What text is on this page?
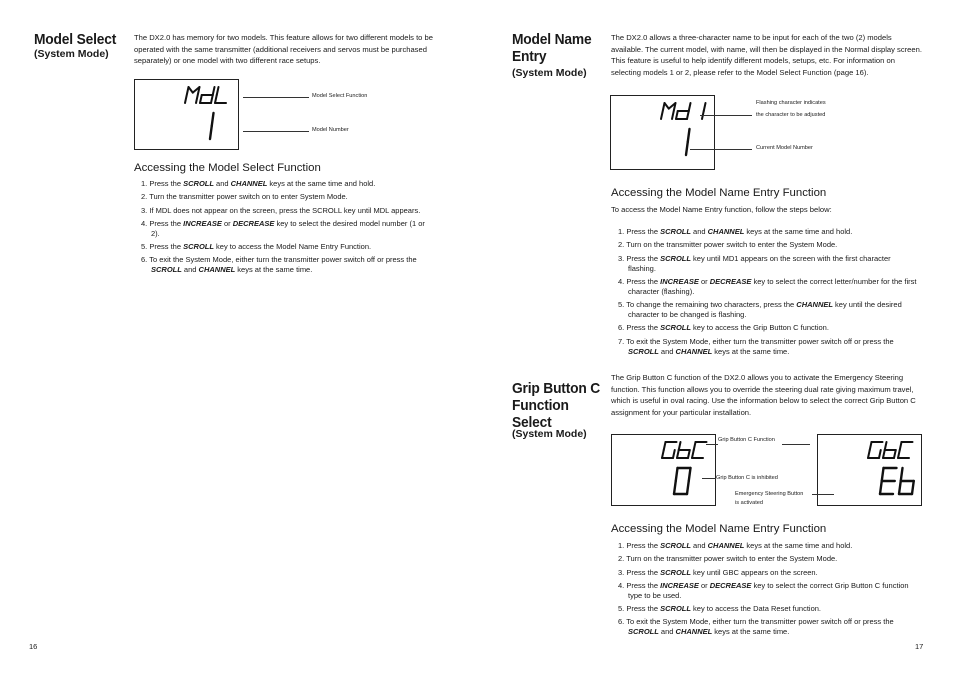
Model Select
(System Mode)
The DX2.0 has memory for two models. This feature allows for two different models to be operated with the same transmitter (additional receivers and servos must be purchased separately) or one model with two different race setups.
Model Select Function
Model Number
Accessing the Model Select Function
1. Press the SCROLL and CHANNEL keys at the same time and hold.
2. Turn the transmitter power switch on to enter System Mode.
3. If MDL does not appear on the screen, press the SCROLL key until MDL appears.
4. Press the INCREASE or DECREASE key to select the desired model number (1 or 2).
5. Press the SCROLL key to access the Model Name Entry Function.
6. To exit the System Mode, either turn the transmitter power switch off or press the SCROLL and CHANNEL keys at the same time.
16
Model Name
Entry
(System Mode)
The DX2.0 allows a three-character name to be input for each of the two (2) models available. The current model, with name, will then be displayed in the Normal display screen. This feature is useful to help identify different models, setups, etc. For information on selecting models 1 or 2, please refer to the Model Select Function (page 16).
Flashing character indicates
the character to be adjusted
Current Model Number
Accessing the Model Name Entry Function
To access the Model Name Entry function, follow the steps below:
1. Press the SCROLL and CHANNEL keys at the same time and hold.
2. Turn on the transmitter power switch to enter the System Mode.
3. Press the SCROLL key until MD1 appears on the screen with the first character flashing.
4. Press the INCREASE or DECREASE key to select the correct letter/number for the first character (flashing).
5. To change the remaining two characters, press the CHANNEL key until the desired character to be changed is flashing.
6. Press the SCROLL key to access the Grip Button C function.
7. To exit the System Mode, either turn the transmitter power switch off or press the SCROLL and CHANNEL keys at the same time.
Grip Button C
Function
Select
(System Mode)
The Grip Button C function of the DX2.0 allows you to activate the Emergency Steering function. This function allows you to override the steering dual rate giving maximum travel, which is useful in oval racing. Use the information below to select the correct Grip Button C assignment for your particular installation.
Grip Button C Function
Grip Button C is inhibited
Emergency Steering Button
is activated
Accessing the Model Name Entry Function
1. Press the SCROLL and CHANNEL keys at the same time and hold.
2. Turn on the transmitter power switch to enter the System Mode.
3. Press the SCROLL key until GBC appears on the screen.
4. Press the INCREASE or DECREASE key to select the correct Grip Button C function type to be used.
5. Press the SCROLL key to access the Data Reset function.
6. To exit the System Mode, either turn the transmitter power switch off or press the SCROLL and CHANNEL keys at the same time.
17
